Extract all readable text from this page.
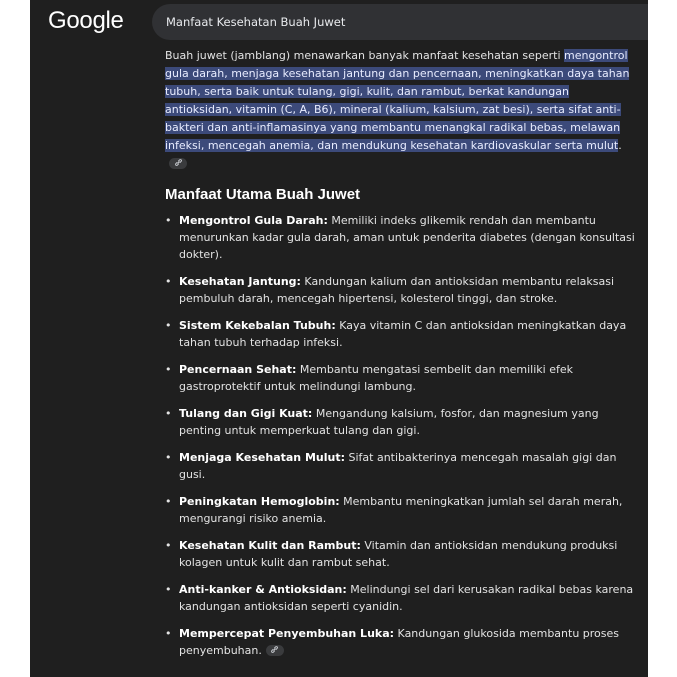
Google	Manfaat Kesehatan Buah Juwet

Buah juwet (jamblang) menawarkan banyak manfaat kesehatan seperti mengontrol gula darah, menjaga kesehatan jantung dan pencernaan, meningkatkan daya tahan tubuh, serta baik untuk tulang, gigi, kulit, dan rambut, berkat kandungan antioksidan, vitamin (C, A, B6), mineral (kalium, kalsium, zat besi), serta sifat anti-bakteri dan anti-inflamasinya yang membantu menangkal radikal bebas, melawan infeksi, mencegah anemia, dan mendukung kesehatan kardiovaskular serta mulut.

Manfaat Utama Buah Juwet
• Mengontrol Gula Darah: Memiliki indeks glikemik rendah dan membantu menurunkan kadar gula darah, aman untuk penderita diabetes (dengan konsultasi dokter).
• Kesehatan Jantung: Kandungan kalium dan antioksidan membantu relaksasi pembuluh darah, mencegah hipertensi, kolesterol tinggi, dan stroke.
• Sistem Kekebalan Tubuh: Kaya vitamin C dan antioksidan meningkatkan daya tahan tubuh terhadap infeksi.
• Pencernaan Sehat: Membantu mengatasi sembelit dan memiliki efek gastroprotektif untuk melindungi lambung.
• Tulang dan Gigi Kuat: Mengandung kalsium, fosfor, dan magnesium yang penting untuk memperkuat tulang dan gigi.
• Menjaga Kesehatan Mulut: Sifat antibakterinya mencegah masalah gigi dan gusi.
• Peningkatan Hemoglobin: Membantu meningkatkan jumlah sel darah merah, mengurangi risiko anemia.
• Kesehatan Kulit dan Rambut: Vitamin dan antioksidan mendukung produksi kolagen untuk kulit dan rambut sehat.
• Anti-kanker & Antioksidan: Melindungi sel dari kerusakan radikal bebas karena kandungan antioksidan seperti cyanidin.
• Mempercepat Penyembuhan Luka: Kandungan glukosida membantu proses penyembuhan.
